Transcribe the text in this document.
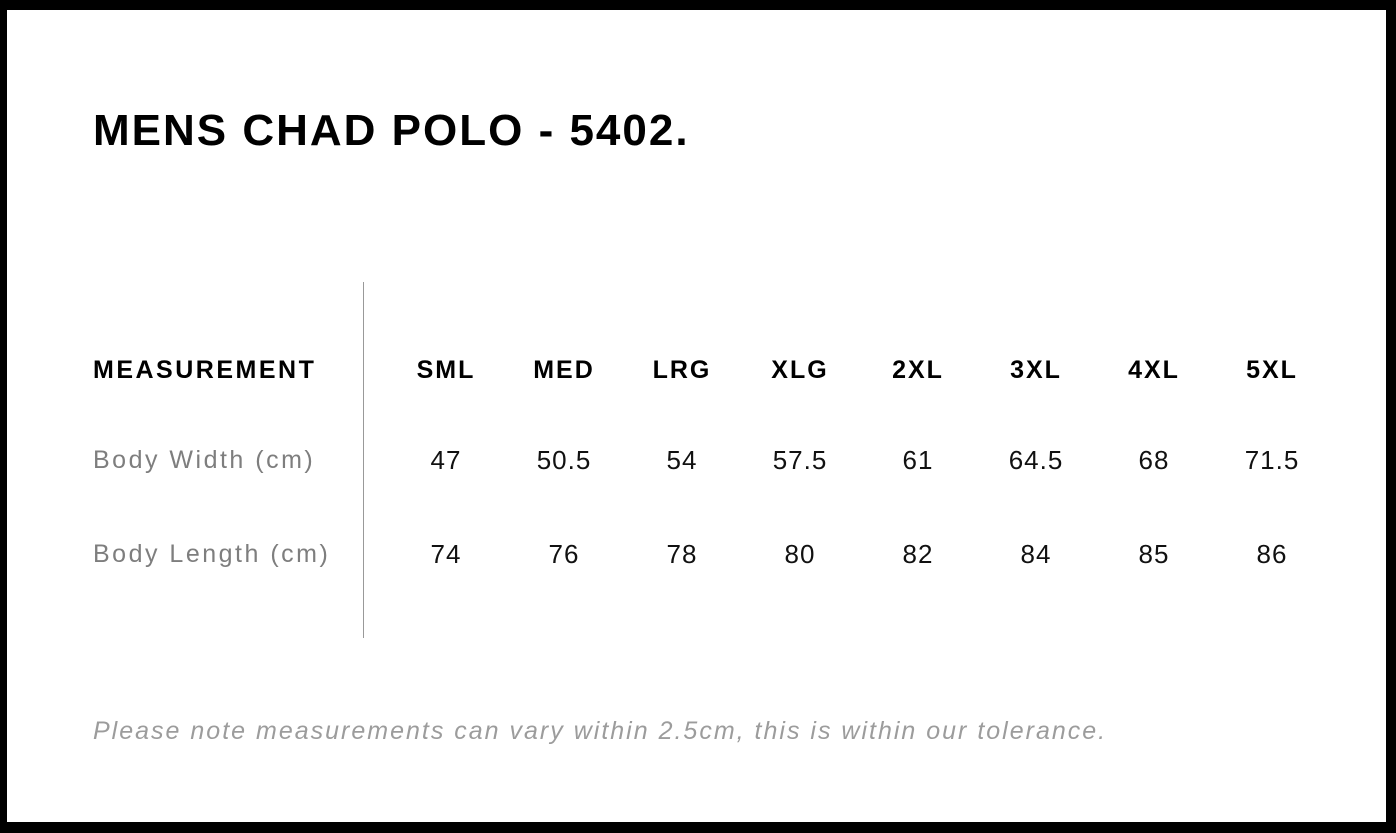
MENS CHAD POLO - 5402.
MEASUREMENT	SML	MED	LRG	XLG	2XL	3XL	4XL	5XL
Body Width (cm)	47	50.5	54	57.5	61	64.5	68	71.5
Body Length (cm)	74	76	78	80	82	84	85	86

Please note measurements can vary within 2.5cm, this is within our tolerance.
